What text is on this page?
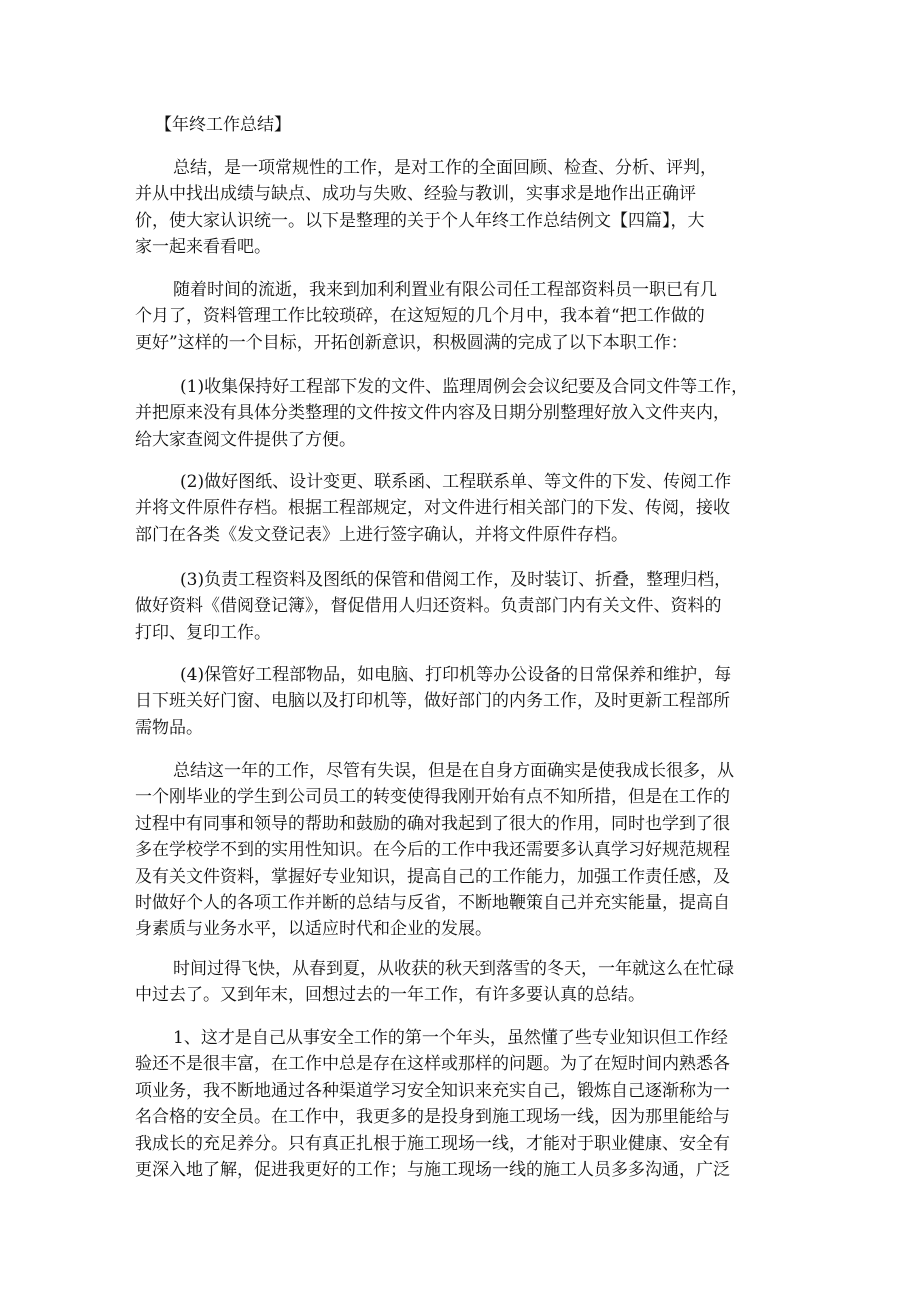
【年终工作总结】

总结，是一项常规性的工作，是对工作的全面回顾、检查、分析、评判，
并从中找出成绩与缺点、成功与失败、经验与教训，实事求是地作出正确评
价，使大家认识统一。以下是整理的关于个人年终工作总结例文【四篇】，大
家一起来看看吧。

随着时间的流逝，我来到加利利置业有限公司任工程部资料员一职已有几
个月了，资料管理工作比较琐碎，在这短短的几个月中，我本着“把工作做的
更好”这样的一个目标，开拓创新意识，积极圆满的完成了以下本职工作：

(1)收集保持好工程部下发的文件、监理周例会会议纪要及合同文件等工作，
并把原来没有具体分类整理的文件按文件内容及日期分别整理好放入文件夹内，
给大家查阅文件提供了方便。

(2)做好图纸、设计变更、联系函、工程联系单、等文件的下发、传阅工作
并将文件原件存档。根据工程部规定，对文件进行相关部门的下发、传阅，接收
部门在各类《发文登记表》上进行签字确认，并将文件原件存档。

(3)负责工程资料及图纸的保管和借阅工作，及时装订、折叠，整理归档，
做好资料《借阅登记簿》，督促借用人归还资料。负责部门内有关文件、资料的
打印、复印工作。

(4)保管好工程部物品，如电脑、打印机等办公设备的日常保养和维护，每
日下班关好门窗、电脑以及打印机等，做好部门的内务工作，及时更新工程部所
需物品。

总结这一年的工作，尽管有失误，但是在自身方面确实是使我成长很多，从
一个刚毕业的学生到公司员工的转变使得我刚开始有点不知所措，但是在工作的
过程中有同事和领导的帮助和鼓励的确对我起到了很大的作用，同时也学到了很
多在学校学不到的实用性知识。在今后的工作中我还需要多认真学习好规范规程
及有关文件资料，掌握好专业知识，提高自己的工作能力，加强工作责任感，及
时做好个人的各项工作并断的总结与反省，不断地鞭策自己并充实能量，提高自
身素质与业务水平，以适应时代和企业的发展。

时间过得飞快，从春到夏，从收获的秋天到落雪的冬天，一年就这么在忙碌
中过去了。又到年末，回想过去的一年工作，有许多要认真的总结。

1、这才是自己从事安全工作的第一个年头，虽然懂了些专业知识但工作经
验还不是很丰富，在工作中总是存在这样或那样的问题。为了在短时间内熟悉各
项业务，我不断地通过各种渠道学习安全知识来充实自己，锻炼自己逐渐称为一
名合格的安全员。在工作中，我更多的是投身到施工现场一线，因为那里能给与
我成长的充足养分。只有真正扎根于施工现场一线，才能对于职业健康、安全有
更深入地了解，促进我更好的工作；与施工现场一线的施工人员多多沟通，广泛
